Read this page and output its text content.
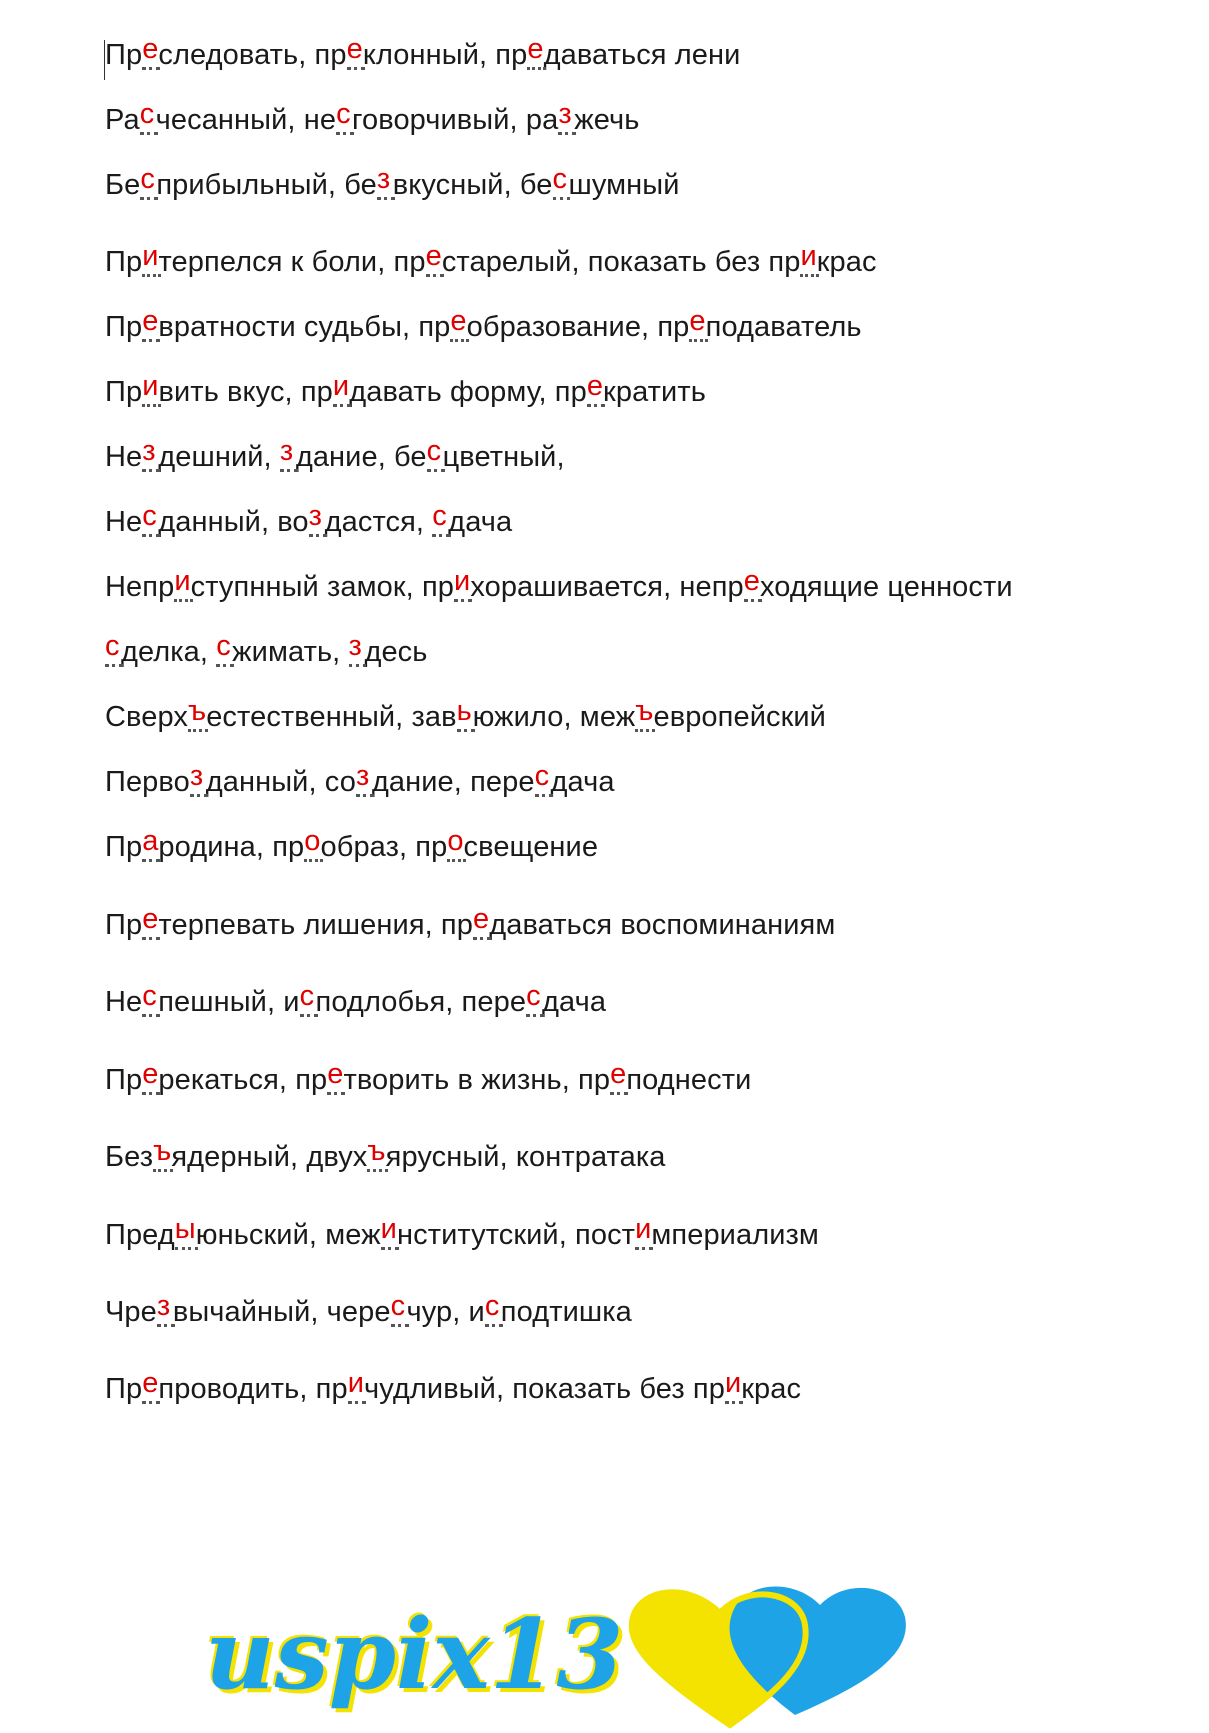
Преследовать, преклонный, предаваться лени
Расчесанный, несговорчивый, разжечь
Бесприбыльный, безвкусный, бесшумный
Притерпелся к боли, престарелый, показать без прикрас
Превратности судьбы, преобразование, преподаватель
Привить вкус, придавать форму, прекратить
Нездешний, здание, бесцветный,
Несданный, воздастся, сдача
Неприступнный замок, прихорашивается, непреходящие ценности
сделка, сжимать, здесь
Сверхъестественный, завьюжило, межъевропейский
Первозданный, создание, пересдача
Прародина, прообраз, просвещение
Претерпевать лишения, предаваться воспоминаниям
Неспешный, исподлобья, пересдача
Пререкаться, претворить в жизнь, преподнести
Безъядерный, двухъярусный, контратака
Предыюньский, межинститутский, постимпериализм
Чрезвычайный, чересчур, исподтишка
Препроводить, причудливый, показать без прикрас
uspix13
